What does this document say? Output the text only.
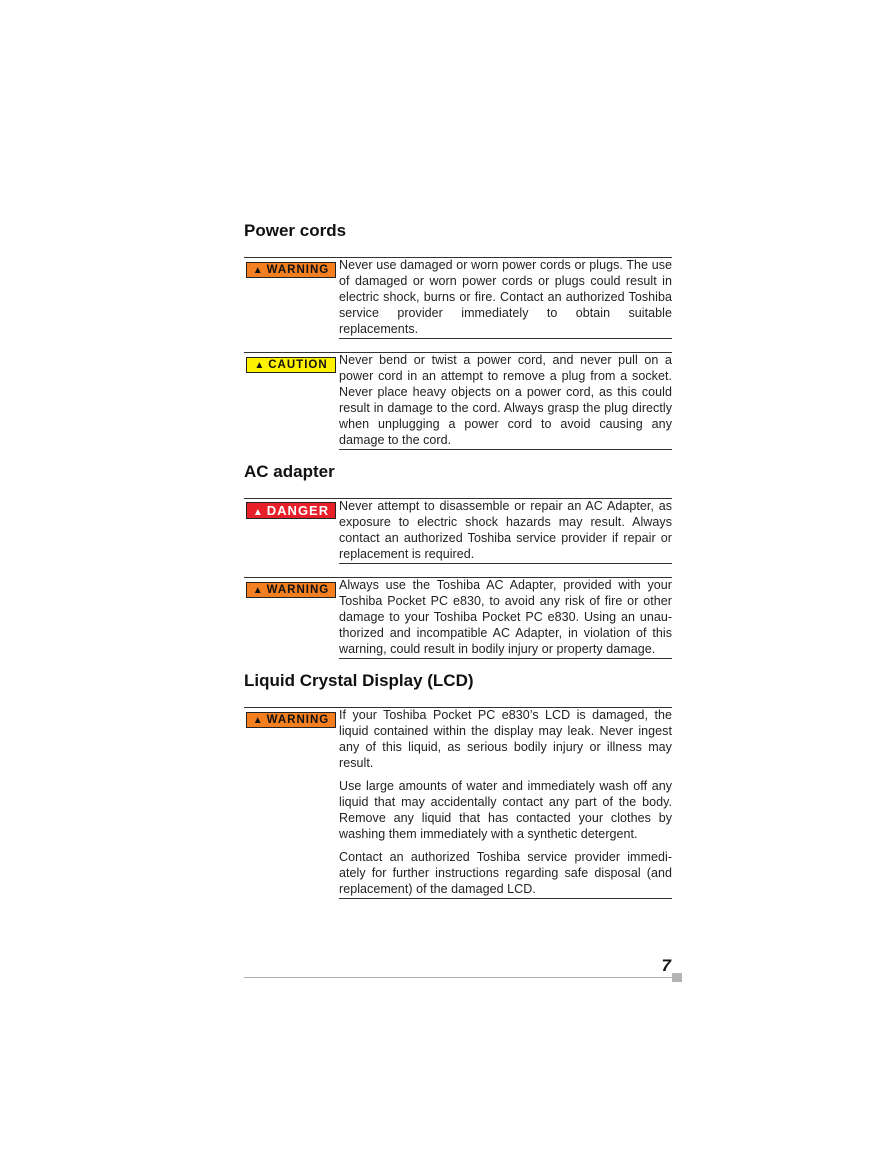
Power cords
▲ WARNING Never use damaged or worn power cords or plugs. The use of damaged or worn power cords or plugs could result in electric shock, burns or fire. Contact an authorized Toshiba service provider immediately to obtain suitable replacements.

▲ CAUTION Never bend or twist a power cord, and never pull on a power cord in an attempt to remove a plug from a socket. Never place heavy objects on a power cord, as this could result in damage to the cord. Always grasp the plug directly when unplugging a power cord to avoid causing any damage to the cord.

AC adapter
▲ DANGER Never attempt to disassemble or repair an AC Adapter, as exposure to electric shock hazards may result. Always contact an authorized Toshiba service provider if repair or replacement is required.

▲ WARNING Always use the Toshiba AC Adapter, provided with your Toshiba Pocket PC e830, to avoid any risk of fire or other damage to your Toshiba Pocket PC e830. Using an unauthorized and incompatible AC Adapter, in violation of this warning, could result in bodily injury or property damage.

Liquid Crystal Display (LCD)
▲ WARNING If your Toshiba Pocket PC e830’s LCD is damaged, the liquid contained within the display may leak. Never ingest any of this liquid, as serious bodily injury or illness may result.

Use large amounts of water and immediately wash off any liquid that may accidentally contact any part of the body. Remove any liquid that has contacted your clothes by washing them immediately with a synthetic detergent.

Contact an authorized Toshiba service provider immediately for further instructions regarding safe disposal (and replacement) of the damaged LCD.

7
